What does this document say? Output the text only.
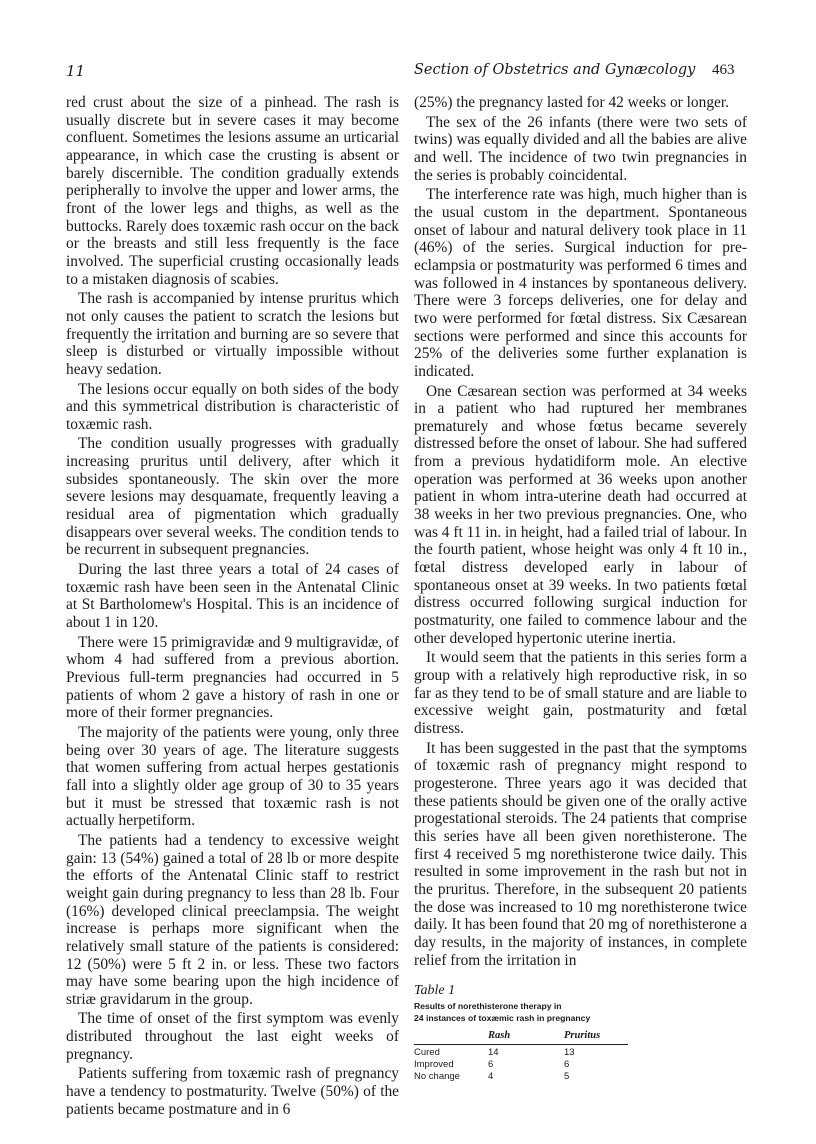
11	Section of Obstetrics and Gynæcology 463

red crust about the size of a pinhead. The rash is usually discrete but in severe cases it may become confluent. Sometimes the lesions assume an urticarial appearance, in which case the crusting is absent or barely discernible. The condition gradually extends peripherally to involve the upper and lower arms, the front of the lower legs and thighs, as well as the buttocks. Rarely does toxæmic rash occur on the back or the breasts and still less frequently is the face involved. The superficial crusting occasionally leads to a mistaken diagnosis of scabies.

The rash is accompanied by intense pruritus which not only causes the patient to scratch the lesions but frequently the irritation and burning are so severe that sleep is disturbed or virtually impossible without heavy sedation.

The lesions occur equally on both sides of the body and this symmetrical distribution is characteristic of toxæmic rash.

The condition usually progresses with gradually increasing pruritus until delivery, after which it subsides spontaneously. The skin over the more severe lesions may desquamate, frequently leaving a residual area of pigmentation which gradually disappears over several weeks. The condition tends to be recurrent in subsequent pregnancies.

During the last three years a total of 24 cases of toxæmic rash have been seen in the Antenatal Clinic at St Bartholomew's Hospital. This is an incidence of about 1 in 120.

There were 15 primigravidæ and 9 multigravidæ, of whom 4 had suffered from a previous abortion. Previous full-term pregnancies had occurred in 5 patients of whom 2 gave a history of rash in one or more of their former pregnancies.

The majority of the patients were young, only three being over 30 years of age. The literature suggests that women suffering from actual herpes gestationis fall into a slightly older age group of 30 to 35 years but it must be stressed that toxæmic rash is not actually herpetiform.

The patients had a tendency to excessive weight gain: 13 (54%) gained a total of 28 lb or more despite the efforts of the Antenatal Clinic staff to restrict weight gain during pregnancy to less than 28 lb. Four (16%) developed clinical preeclampsia. The weight increase is perhaps more significant when the relatively small stature of the patients is considered: 12 (50%) were 5 ft 2 in. or less. These two factors may have some bearing upon the high incidence of striæ gravidarum in the group.

The time of onset of the first symptom was evenly distributed throughout the last eight weeks of pregnancy.

Patients suffering from toxæmic rash of pregnancy have a tendency to postmaturity. Twelve (50%) of the patients became postmature and in 6

(25%) the pregnancy lasted for 42 weeks or longer.

The sex of the 26 infants (there were two sets of twins) was equally divided and all the babies are alive and well. The incidence of two twin pregnancies in the series is probably coincidental.

The interference rate was high, much higher than is the usual custom in the department. Spontaneous onset of labour and natural delivery took place in 11 (46%) of the series. Surgical induction for pre-eclampsia or postmaturity was performed 6 times and was followed in 4 instances by spontaneous delivery. There were 3 forceps deliveries, one for delay and two were performed for fœtal distress. Six Cæsarean sections were performed and since this accounts for 25% of the deliveries some further explanation is indicated.

One Cæsarean section was performed at 34 weeks in a patient who had ruptured her membranes prematurely and whose fœtus became severely distressed before the onset of labour. She had suffered from a previous hydatidiform mole. An elective operation was performed at 36 weeks upon another patient in whom intra-uterine death had occurred at 38 weeks in her two previous pregnancies. One, who was 4 ft 11 in. in height, had a failed trial of labour. In the fourth patient, whose height was only 4 ft 10 in., fœtal distress developed early in labour of spontaneous onset at 39 weeks. In two patients fœtal distress occurred following surgical induction for postmaturity, one failed to commence labour and the other developed hypertonic uterine inertia.

It would seem that the patients in this series form a group with a relatively high reproductive risk, in so far as they tend to be of small stature and are liable to excessive weight gain, postmaturity and fœtal distress.

It has been suggested in the past that the symptoms of toxæmic rash of pregnancy might respond to progesterone. Three years ago it was decided that these patients should be given one of the orally active progestational steroids. The 24 patients that comprise this series have all been given norethisterone. The first 4 received 5 mg norethisterone twice daily. This resulted in some improvement in the rash but not in the pruritus. Therefore, in the subsequent 20 patients the dose was increased to 10 mg norethisterone twice daily. It has been found that 20 mg of norethisterone a day results, in the majority of instances, in complete relief from the irritation in

Table 1
Results of norethisterone therapy in
24 instances of toxæmic rash in pregnancy
	Rash	Pruritus
Cured	14	13
Improved	6	6
No change	4	5
